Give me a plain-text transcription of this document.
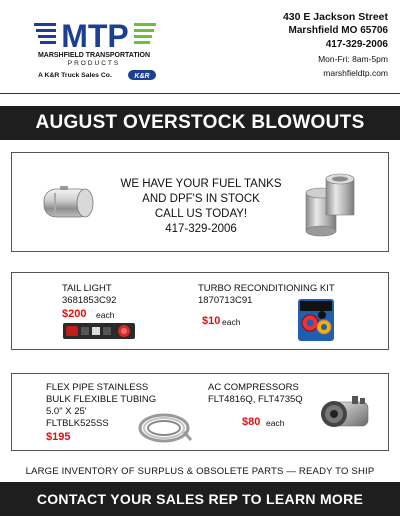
MTP
MARSHFIELD TRANSPORTATION
PRODUCTS
A K&R Truck Sales Co.	K&R
430 E Jackson Street
Marshfield MO 65706
417-329-2006
Mon-Fri: 8am-5pm
marshfieldtp.com
AUGUST OVERSTOCK BLOWOUTS
WE HAVE YOUR FUEL TANKS
AND DPF'S IN STOCK
CALL US TODAY!
417-329-2006
TAIL LIGHT
3681853C92
$200 each
TURBO RECONDITIONING KIT
1870713C91
$10 each
FLEX PIPE STAINLESS
BULK FLEXIBLE TUBING
5.0" X 25'
FLTBLK525SS
$195
AC COMPRESSORS
FLT4816Q, FLT4735Q
$80 each
LARGE INVENTORY OF SURPLUS & OBSOLETE PARTS — READY TO SHIP
CONTACT YOUR SALES REP TO LEARN MORE
